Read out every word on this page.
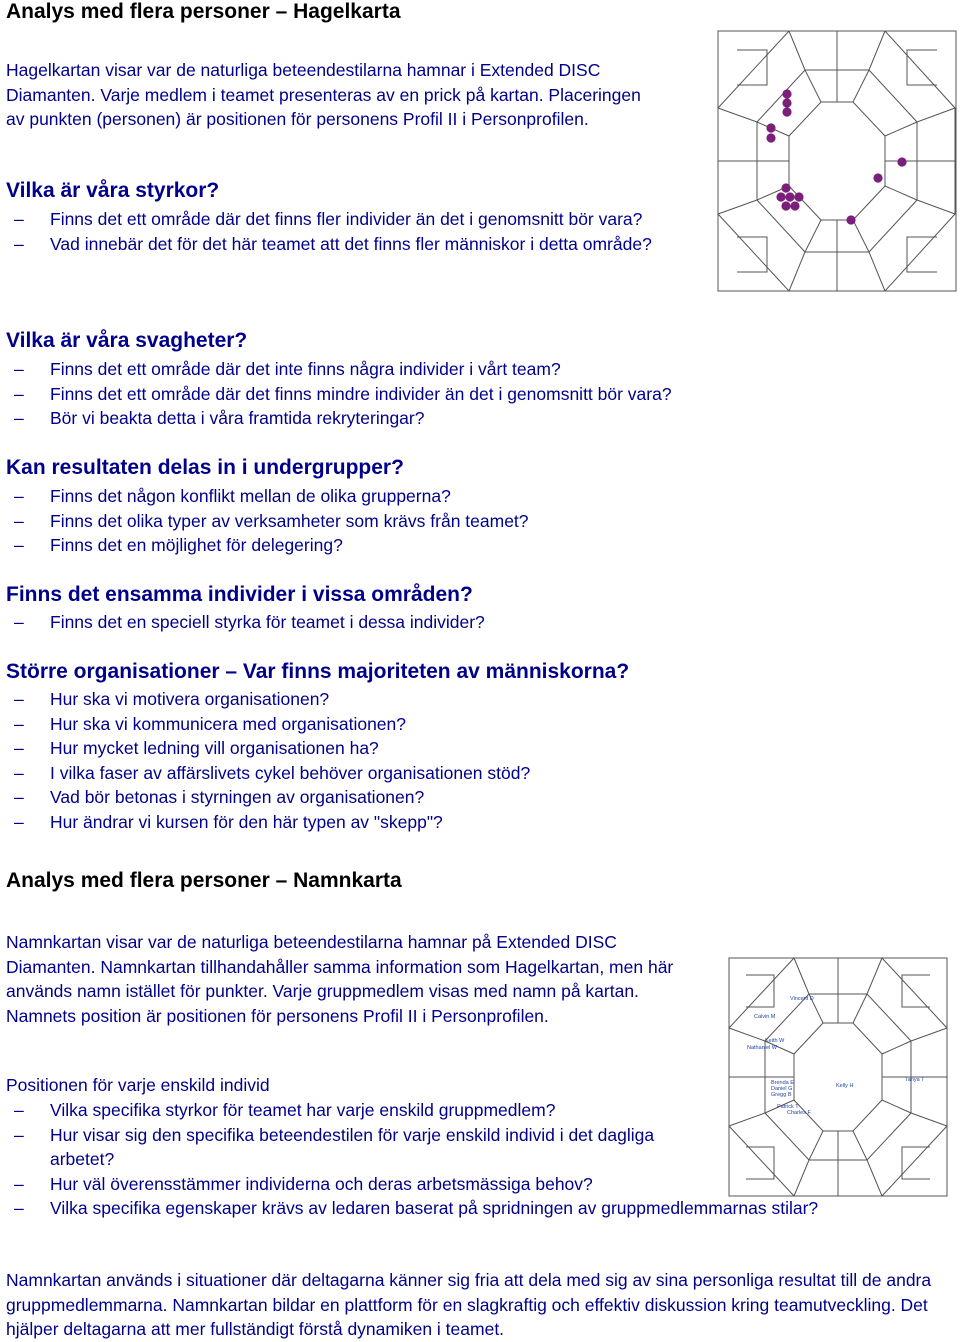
Analys med flera personer – Hagelkarta
Hagelkartan visar var de naturliga beteendestilarna hamnar i Extended DISC Diamanten. Varje medlem i teamet presenteras av en prick på kartan. Placeringen av punkten (personen) är positionen för personens Profil II i Personprofilen.
Vilka är våra styrkor?
– Finns det ett område där det finns fler individer än det i genomsnitt bör vara?
– Vad innebär det för det här teamet att det finns fler människor i detta område?
Vilka är våra svagheter?
– Finns det ett område där det inte finns några individer i vårt team?
– Finns det ett område där det finns mindre individer än det i genomsnitt bör vara?
– Bör vi beakta detta i våra framtida rekryteringar?
Kan resultaten delas in i undergrupper?
– Finns det någon konflikt mellan de olika grupperna?
– Finns det olika typer av verksamheter som krävs från teamet?
– Finns det en möjlighet för delegering?
Finns det ensamma individer i vissa områden?
– Finns det en speciell styrka för teamet i dessa individer?
Större organisationer – Var finns majoriteten av människorna?
– Hur ska vi motivera organisationen?
– Hur ska vi kommunicera med organisationen?
– Hur mycket ledning vill organisationen ha?
– I vilka faser av affärslivets cykel behöver organisationen stöd?
– Vad bör betonas i styrningen av organisationen?
– Hur ändrar vi kursen för den här typen av "skepp"?
Analys med flera personer – Namnkarta
Namnkartan visar var de naturliga beteendestilarna hamnar på Extended DISC Diamanten. Namnkartan tillhandahåller samma information som Hagelkartan, men här används namn istället för punkter. Varje gruppmedlem visas med namn på kartan. Namnets position är positionen för personens Profil II i Personprofilen.
Positionen för varje enskild individ
– Vilka specifika styrkor för teamet har varje enskild gruppmedlem?
– Hur visar sig den specifika beteendestilen för varje enskild individ i det dagliga arbetet?
– Hur väl överensstämmer individerna och deras arbetsmässiga behov?
– Vilka specifika egenskaper krävs av ledaren baserat på spridningen av gruppmedlemmarnas stilar?
Namnkartan används i situationer där deltagarna känner sig fria att dela med sig av sina personliga resultat till de andra gruppmedlemmarna. Namnkartan bildar en plattform för en slagkraftig och effektiv diskussion kring teamutveckling. Det hjälper deltagarna att mer fullständigt förstå dynamiken i teamet.
Vincent D
Calvin M
Keith W
Nathaniel W
Brenda E
Daniel G
Gregg B
Patrick T
Charles F
Kelly H
Tanya T
